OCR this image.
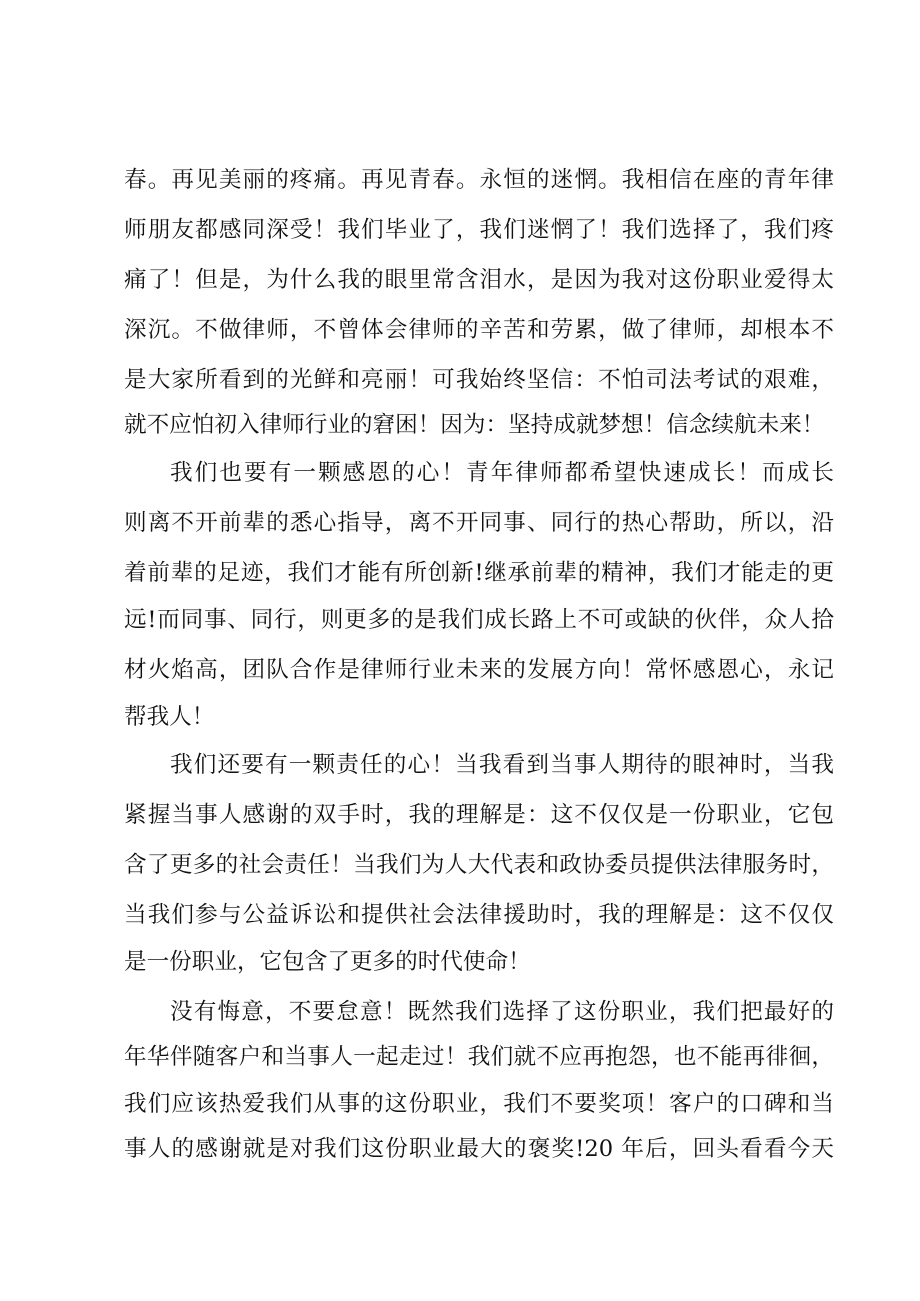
春。再见美丽的疼痛。再见青春。永恒的迷惘。我相信在座的青年律
师朋友都感同深受！我们毕业了，我们迷惘了！我们选择了，我们疼
痛了！但是，为什么我的眼里常含泪水，是因为我对这份职业爱得太
深沉。不做律师，不曾体会律师的辛苦和劳累，做了律师，却根本不
是大家所看到的光鲜和亮丽！可我始终坚信：不怕司法考试的艰难，
就不应怕初入律师行业的窘困！因为：坚持成就梦想！信念续航未来！
我们也要有一颗感恩的心！青年律师都希望快速成长！而成长
则离不开前辈的悉心指导，离不开同事、同行的热心帮助，所以，沿
着前辈的足迹，我们才能有所创新!继承前辈的精神，我们才能走的更
远!而同事、同行，则更多的是我们成长路上不可或缺的伙伴，众人拾
材火焰高，团队合作是律师行业未来的发展方向！常怀感恩心，永记
帮我人！
我们还要有一颗责任的心！当我看到当事人期待的眼神时，当我
紧握当事人感谢的双手时，我的理解是：这不仅仅是一份职业，它包
含了更多的社会责任！当我们为人大代表和政协委员提供法律服务时，
当我们参与公益诉讼和提供社会法律援助时，我的理解是：这不仅仅
是一份职业，它包含了更多的时代使命！
没有悔意，不要怠意！既然我们选择了这份职业，我们把最好的
年华伴随客户和当事人一起走过！我们就不应再抱怨，也不能再徘徊，
我们应该热爱我们从事的这份职业，我们不要奖项！客户的口碑和当
事人的感谢就是对我们这份职业最大的褒奖!20 年后，回头看看今天
